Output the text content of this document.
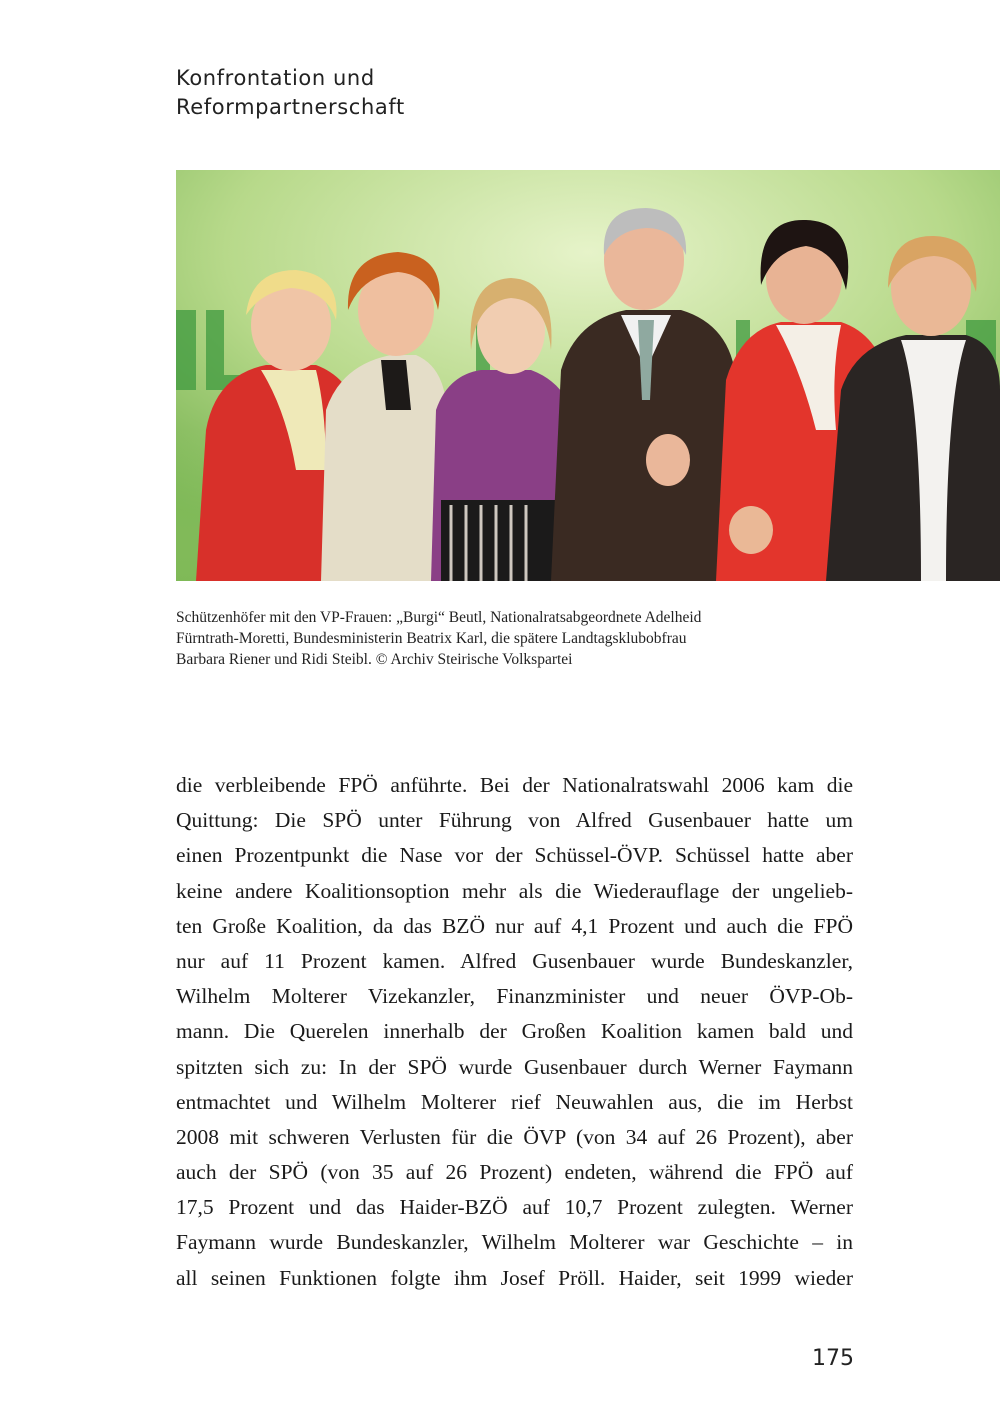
Konfrontation und
Reformpartnerschaft
Schützenhöfer mit den VP-Frauen: „Burgi“ Beutl, Nationalratsabgeordnete Adelheid
Fürntrath-Moretti, Bundesministerin Beatrix Karl, die spätere Landtagsklubobfrau
Barbara Riener und Ridi Steibl. © Archiv Steirische Volkspartei
die verbleibende FPÖ anführte. Bei der Nationalratswahl 2006 kam die
Quittung: Die SPÖ unter Führung von Alfred Gusenbauer hatte um
einen Prozentpunkt die Nase vor der Schüssel-ÖVP. Schüssel hatte aber
keine andere Koalitionsoption mehr als die Wiederauflage der ungelieb-
ten Große Koalition, da das BZÖ nur auf 4,1 Prozent und auch die FPÖ
nur auf 11 Prozent kamen. Alfred Gusenbauer wurde Bundeskanzler,
Wilhelm Molterer Vizekanzler, Finanzminister und neuer ÖVP-Ob-
mann. Die Querelen innerhalb der Großen Koalition kamen bald und
spitzten sich zu: In der SPÖ wurde Gusenbauer durch Werner Faymann
entmachtet und Wilhelm Molterer rief Neuwahlen aus, die im Herbst
2008 mit schweren Verlusten für die ÖVP (von 34 auf 26 Prozent), aber
auch der SPÖ (von 35 auf 26 Prozent) endeten, während die FPÖ auf
17,5 Prozent und das Haider-BZÖ auf 10,7 Prozent zulegten. Werner
Faymann wurde Bundeskanzler, Wilhelm Molterer war Geschichte – in
all seinen Funktionen folgte ihm Josef Pröll. Haider, seit 1999 wieder
175
